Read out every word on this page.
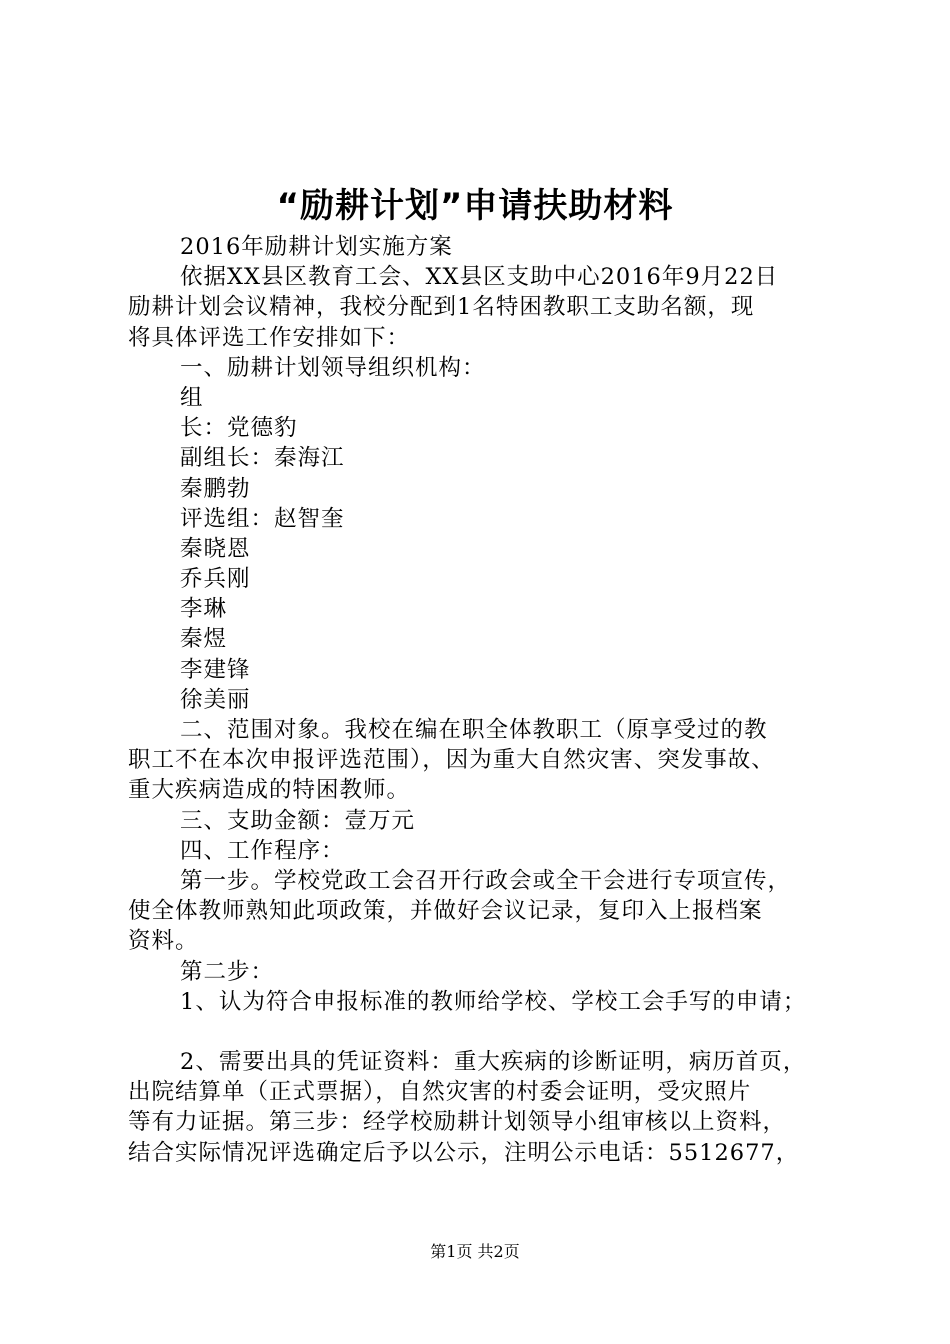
“励耕计划”申请扶助材料

2016年励耕计划实施方案

依据XX县区教育工会、XX县区支助中心2016年9月22日

励耕计划会议精神，我校分配到1名特困教职工支助名额，现

将具体评选工作安排如下：

一、励耕计划领导组织机构：

组

长：党德豹

副组长：秦海江

秦鹏勃

评选组：赵智奎

秦晓恩

乔兵刚

李琳

秦煜

李建锋

徐美丽

二、范围对象。我校在编在职全体教职工（原享受过的教

职工不在本次申报评选范围），因为重大自然灾害、突发事故、

重大疾病造成的特困教师。

三、支助金额：壹万元

四、工作程序：

第一步。学校党政工会召开行政会或全干会进行专项宣传，

使全体教师熟知此项政策，并做好会议记录，复印入上报档案

资料。

第二步：

1、认为符合申报标准的教师给学校、学校工会手写的申请；

2、需要出具的凭证资料：重大疾病的诊断证明，病历首页，

出院结算单（正式票据），自然灾害的村委会证明，受灾照片

等有力证据。第三步：经学校励耕计划领导小组审核以上资料，

结合实际情况评选确定后予以公示，注明公示电话：5512677，

第1页 共2页
